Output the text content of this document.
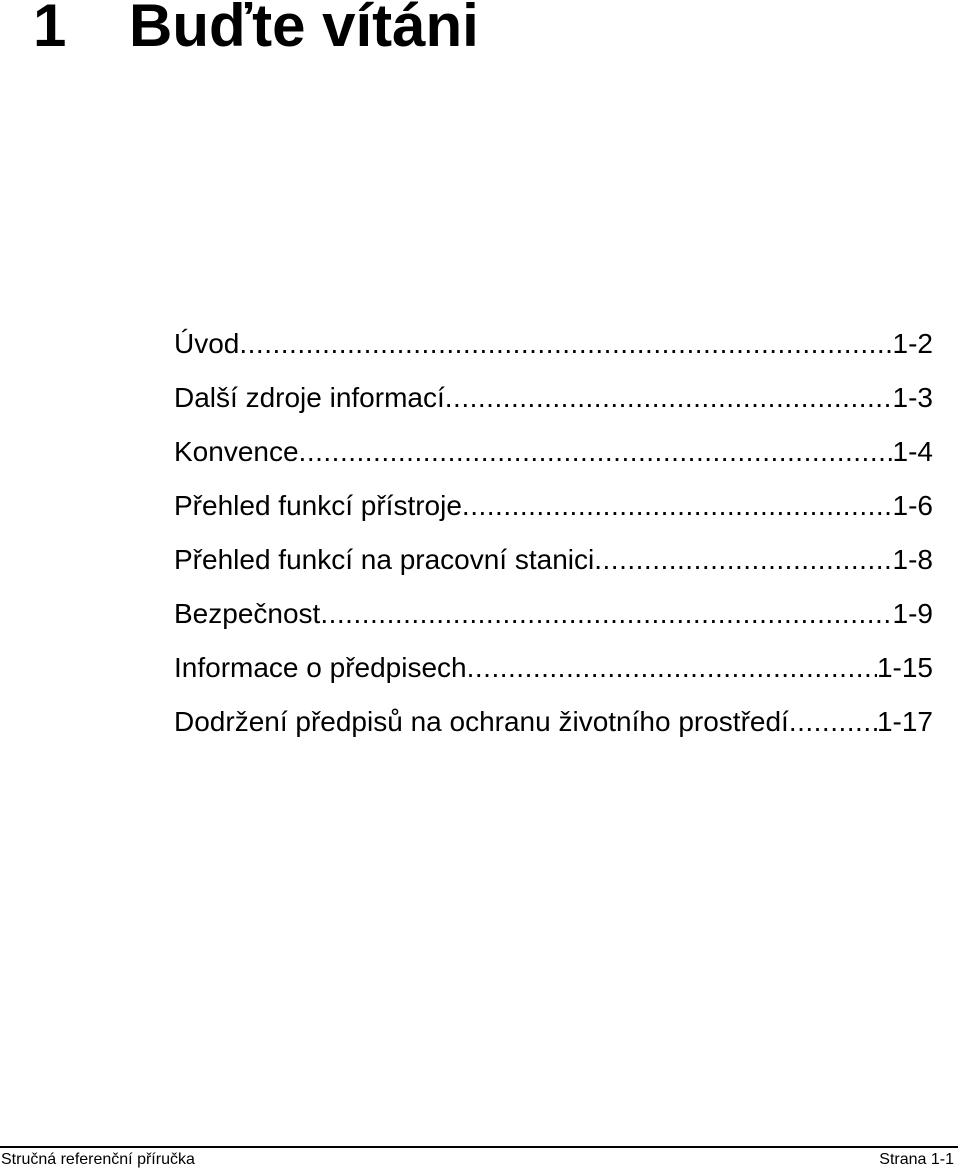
1 Buďte vítáni
Úvod .....	1-2
Další zdroje informací .....	1-3
Konvence .....	1-4
Přehled funkcí přístroje .....	1-6
Přehled funkcí na pracovní stanici .....	1-8
Bezpečnost .....	1-9
Informace o předpisech .....	1-15
Dodržení předpisů na ochranu životního prostředí .....	1-17
Stručná referenční příručka	Strana 1-1
